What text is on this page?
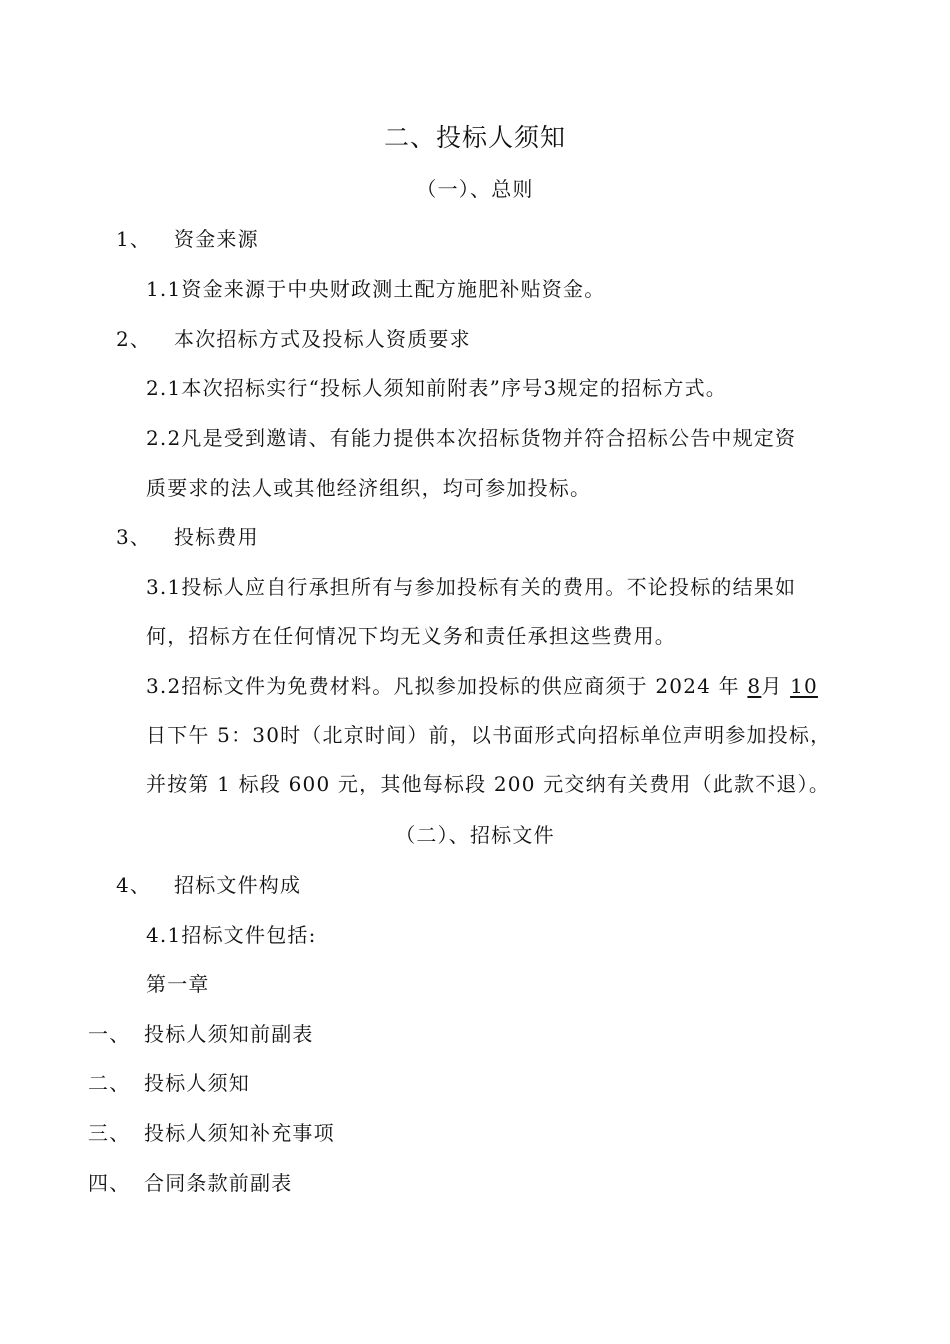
二、投标人须知
（一）、总则
1、 资金来源
1.1资金来源于中央财政测土配方施肥补贴资金。
2、 本次招标方式及投标人资质要求
2.1本次招标实行“投标人须知前附表”序号3规定的招标方式。
2.2凡是受到邀请、有能力提供本次招标货物并符合招标公告中规定资
质要求的法人或其他经济组织，均可参加投标。
3、 投标费用
3.1投标人应自行承担所有与参加投标有关的费用。不论投标的结果如
何，招标方在任何情况下均无义务和责任承担这些费用。
3.2招标文件为免费材料。凡拟参加投标的供应商须于 2024 年 8月 10
日下午 5：30时（北京时间）前，以书面形式向招标单位声明参加投标，
并按第 1 标段 600 元，其他每标段 200 元交纳有关费用（此款不退）。
（二）、招标文件
4、 招标文件构成
4.1招标文件包括:
第一章
一、 投标人须知前副表
二、 投标人须知
三、 投标人须知补充事项
四、 合同条款前副表
